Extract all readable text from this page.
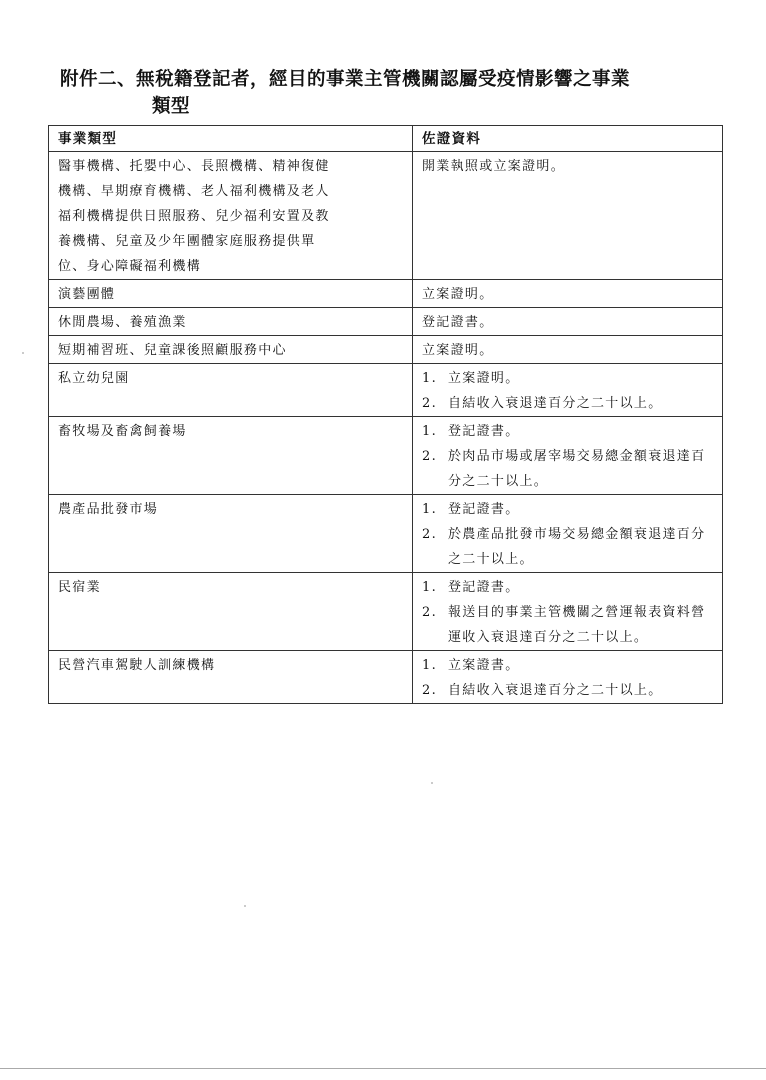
附件二、無稅籍登記者，經目的事業主管機關認屬受疫情影響之事業
類型
事業類型	佐證資料
醫事機構、托嬰中心、長照機構、精神復健
機構、早期療育機構、老人福利機構及老人
福利機構提供日照服務、兒少福利安置及教
養機構、兒童及少年團體家庭服務提供單
位、身心障礙福利機構	開業執照或立案證明。

演藝團體	立案證明。

休閒農場、養殖漁業	登記證書。

短期補習班、兒童課後照顧服務中心	立案證明。

私立幼兒園	1. 立案證明。
2. 自結收入衰退達百分之二十以上。

畜牧場及畜禽飼養場	1. 登記證書。
2. 於肉品市場或屠宰場交易總金額衰退達百分之二十以上。

農產品批發市場	1. 登記證書。
2. 於農產品批發市場交易總金額衰退達百分之二十以上。

民宿業	1. 登記證書。
2. 報送目的事業主管機關之營運報表資料營運收入衰退達百分之二十以上。

民營汽車駕駛人訓練機構	1. 立案證書。
2. 自結收入衰退達百分之二十以上。
